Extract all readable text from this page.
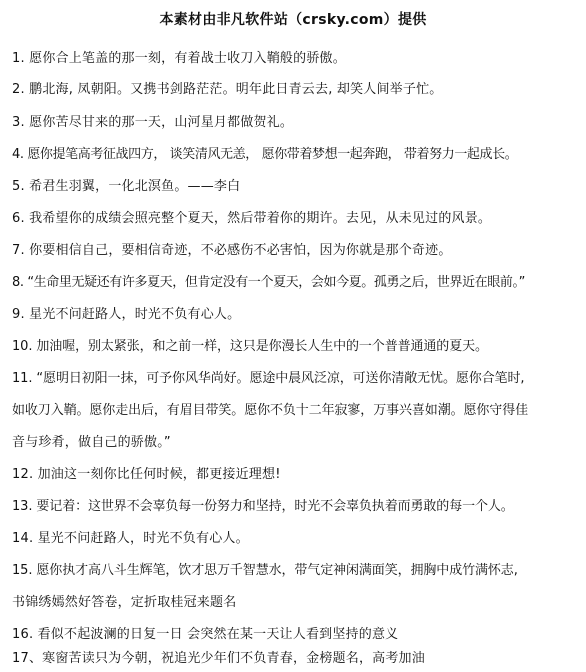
本素材由非凡软件站（crsky.com）提供
1. 愿你合上笔盖的那一刻，有着战士收刀入鞘般的骄傲。
2. 鹏北海, 凤朝阳。又携书剑路茫茫。明年此日青云去, 却笑人间举子忙。
3. 愿你苦尽甘来的那一天，山河星月都做贺礼。
4. 愿你提笔高考征战四方， 谈笑清风无恙， 愿你带着梦想一起奔跑， 带着努力一起成长。
5. 希君生羽翼，一化北溟鱼。——李白
6. 我希望你的成绩会照亮整个夏天，然后带着你的期许。去见，从未见过的风景。
7. 你要相信自己，要相信奇迹，不必感伤不必害怕，因为你就是那个奇迹。
8. “生命里无疑还有许多夏天，但肯定没有一个夏天，会如今夏。孤勇之后，世界近在眼前。”
9. 星光不问赶路人，时光不负有心人。
10. 加油喔，别太紧张，和之前一样，这只是你漫长人生中的一个普普通通的夏天。
11. “愿明日初阳一抹，可予你风华尚好。愿途中晨风泛凉，可送你清敞无忧。愿你合笔时,
如收刀入鞘。愿你走出后，有眉目带笑。愿你不负十二年寂寥，万事兴喜如潮。愿你守得佳
音与珍肴，做自己的骄傲。”
12. 加油这一刻你比任何时候，都更接近理想!
13. 要记着：这世界不会辜负每一份努力和坚持，时光不会辜负执着而勇敢的每一个人。
14. 星光不问赶路人，时光不负有心人。
15. 愿你执才高八斗生辉笔，饮才思万千智慧水，带气定神闲满面笑，拥胸中成竹满怀志,
书锦绣嫣然好答卷，定折取桂冠来题名
16. 看似不起波澜的日复一日 会突然在某一天让人看到坚持的意义
17、寒窗苦读只为今朝，祝追光少年们不负青春，金榜题名，高考加油
